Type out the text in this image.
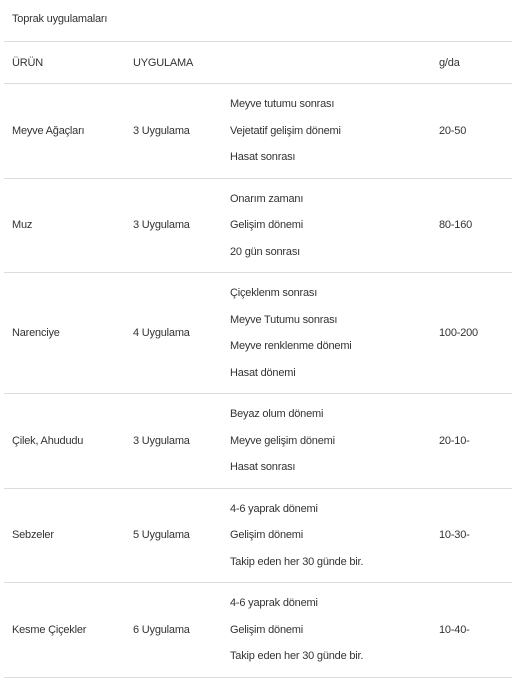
Toprak uygulamaları
ÜRÜN	UYGULAMA		g/da
Meyve Ağaçları	3 Uygulama	Meyve tutumu sonrası
Vejetatif gelişim dönemi
Hasat sonrası	20-50
Muz	3 Uygulama	Onarım zamanı
Gelişim dönemi
20 gün sonrası	80-160
Narenciye	4 Uygulama	Çiçeklenm sonrası
Meyve Tutumu sonrası
Meyve renklenme dönemi
Hasat dönemi	100-200
Çilek, Ahududu	3 Uygulama	Beyaz olum dönemi
Meyve gelişim dönemi
Hasat sonrası	20-10-
Sebzeler	5 Uygulama	4-6 yaprak dönemi
Gelişim dönemi
Takip eden her 30 günde bir.	10-30-
Kesme Çiçekler	6 Uygulama	4-6 yaprak dönemi
Gelişim dönemi
Takip eden her 30 günde bir.	10-40-
